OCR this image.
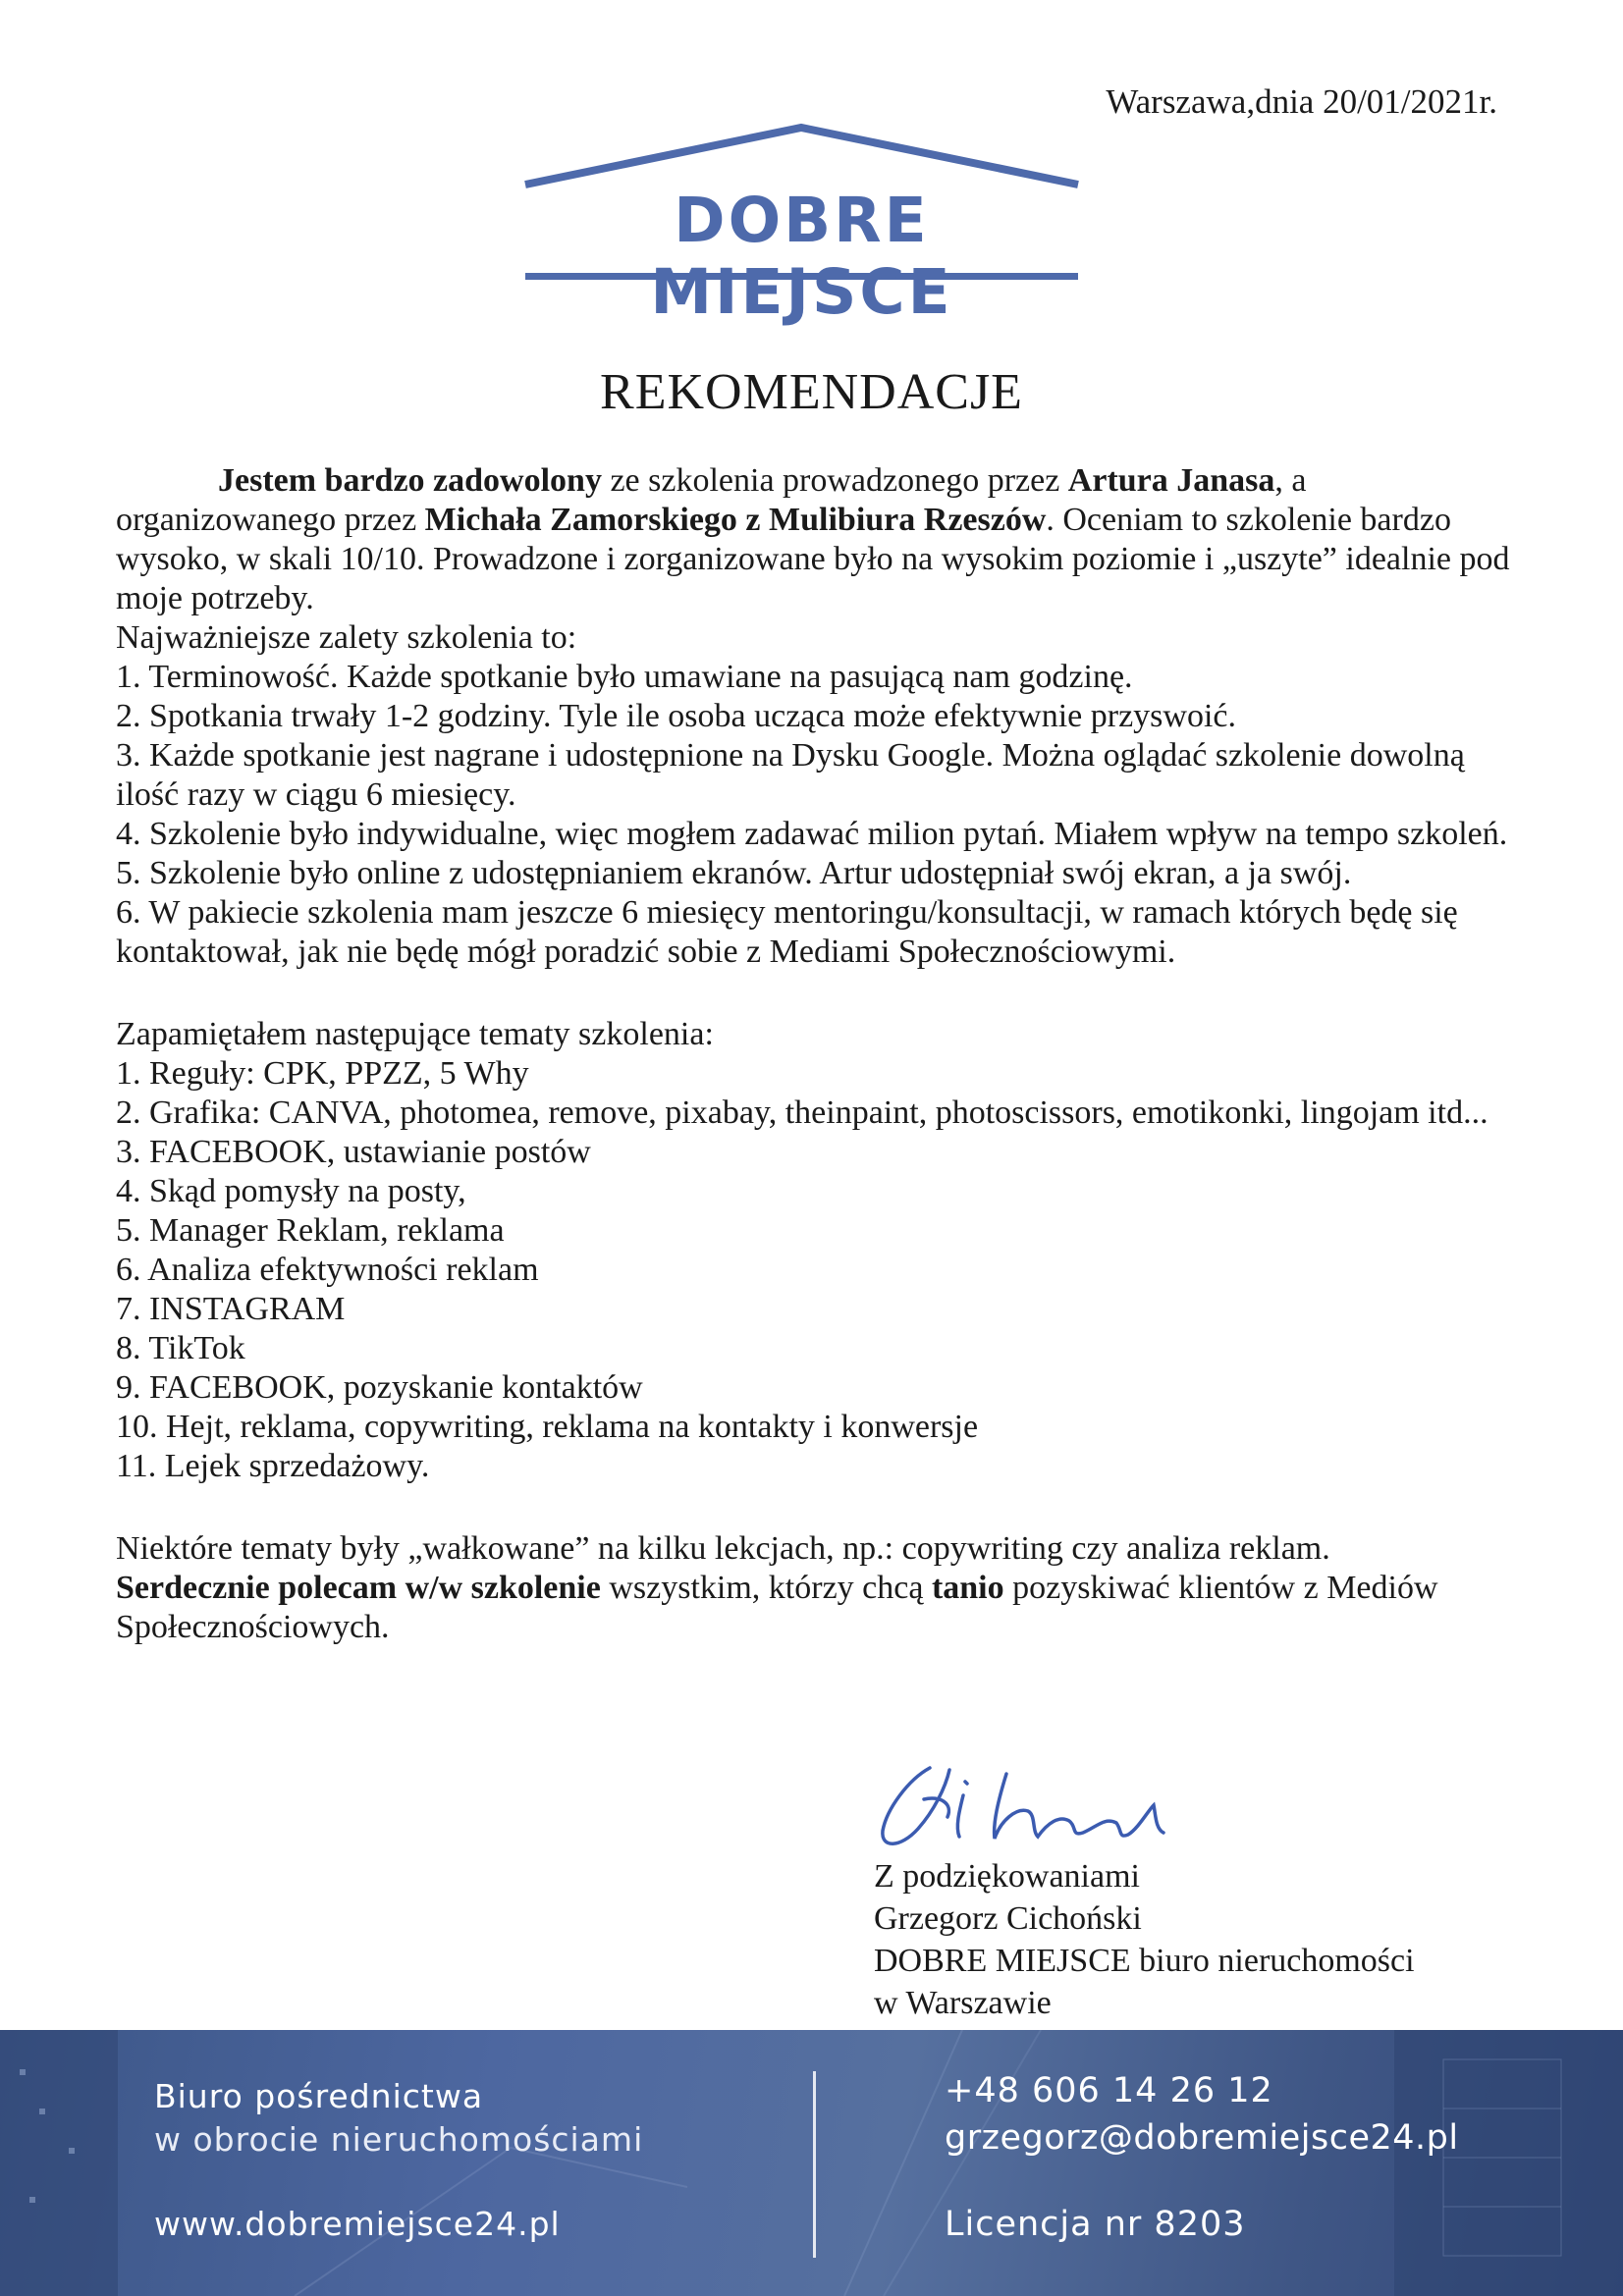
Warszawa,dnia 20/01/2021r.
DOBRE MIEJSCE
REKOMENDACJE

Jestem bardzo zadowolony ze szkolenia prowadzonego przez Artura Janasa, a organizowanego przez Michała Zamorskiego z Mulibiura Rzeszów. Oceniam to szkolenie bardzo wysoko, w skali 10/10. Prowadzone i zorganizowane było na wysokim poziomie i „uszyte” idealnie pod moje potrzeby.

Najważniejsze zalety szkolenia to:

1. Terminowość. Każde spotkanie było umawiane na pasującą nam godzinę.

2. Spotkania trwały 1-2 godziny. Tyle ile osoba ucząca może efektywnie przyswoić.

3. Każde spotkanie jest nagrane i udostępnione na Dysku Google. Można oglądać szkolenie dowolną ilość razy w ciągu 6 miesięcy.

4. Szkolenie było indywidualne, więc mogłem zadawać milion pytań. Miałem wpływ na tempo szkoleń.

5. Szkolenie było online z udostępnianiem ekranów. Artur udostępniał swój ekran, a ja swój.

6. W pakiecie szkolenia mam jeszcze 6 miesięcy mentoringu/konsultacji, w ramach których będę się kontaktował, jak nie będę mógł poradzić sobie z Mediami Społecznościowymi.

Zapamiętałem następujące tematy szkolenia:

1. Reguły: CPK, PPZZ, 5 Why

2. Grafika: CANVA, photomea, remove, pixabay, theinpaint, photoscissors, emotikonki, lingojam itd...

3. FACEBOOK, ustawianie postów

4. Skąd pomysły na posty,

5. Manager Reklam, reklama

6. Analiza efektywności reklam

7. INSTAGRAM

8. TikTok

9. FACEBOOK, pozyskanie kontaktów

10. Hejt, reklama, copywriting, reklama na kontakty i konwersje

11. Lejek sprzedażowy.

Niektóre tematy były „wałkowane” na kilku lekcjach, np.: copywriting czy analiza reklam.

Serdecznie polecam w/w szkolenie wszystkim, którzy chcą tanio pozyskiwać klientów z Mediów Społecznościowych.

Z podziękowaniami
Grzegorz Cichoński
DOBRE MIEJSCE biuro nieruchomości
w Warszawie
Biuro pośrednictwa
w obrocie nieruchomościami
www.dobremiejsce24.pl
+48 606 14 26 12
grzegorz@dobremiejsce24.pl
Licencja nr 8203
